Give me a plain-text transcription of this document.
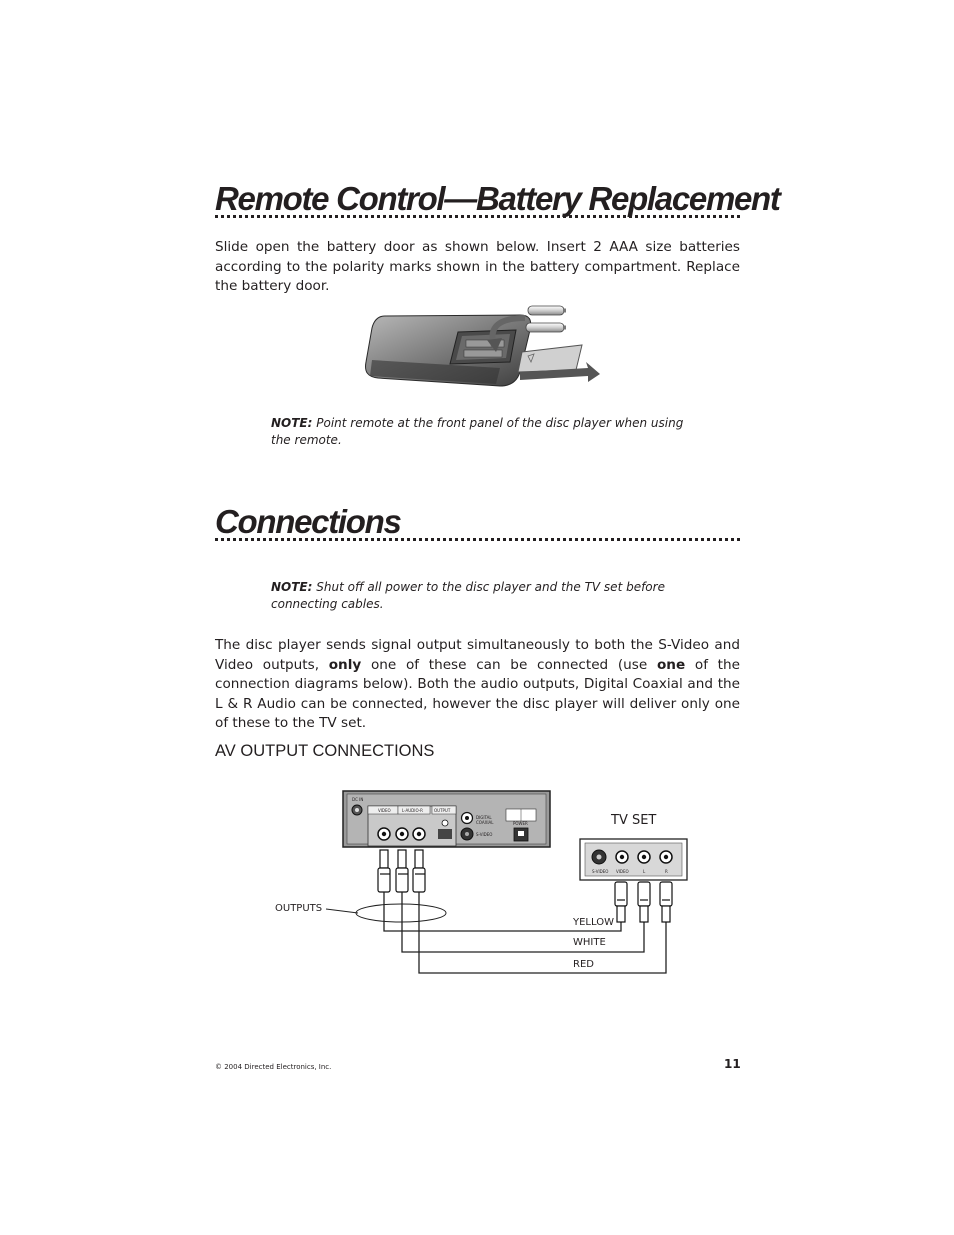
Remote Control—Battery Replacement
Slide open the battery door as shown below. Insert 2 AAA size batteries according to the polarity marks shown in the battery compartment. Replace the battery door.
NOTE: Point remote at the front panel of the disc player when using the remote.
Connections
NOTE: Shut off all power to the disc player and the TV set before connecting cables.
The disc player sends signal output simultaneously to both the S-Video and Video outputs, only one of these can be connected (use one of the connection diagrams below). Both the audio outputs, Digital Coaxial and the L & R Audio can be connected, however the disc player will deliver only one of these to the TV set.
AV OUTPUT CONNECTIONS
DC IN
VIDEO	L-AUDIO-R	OUTPUT
DIGITAL
COAXIAL
S-VIDEO
POWER
S-VIDEO VIDEO	L	R
TV SET
OUTPUTS
YELLOW
WHITE
RED
© 2004 Directed Electronics, Inc.	11
